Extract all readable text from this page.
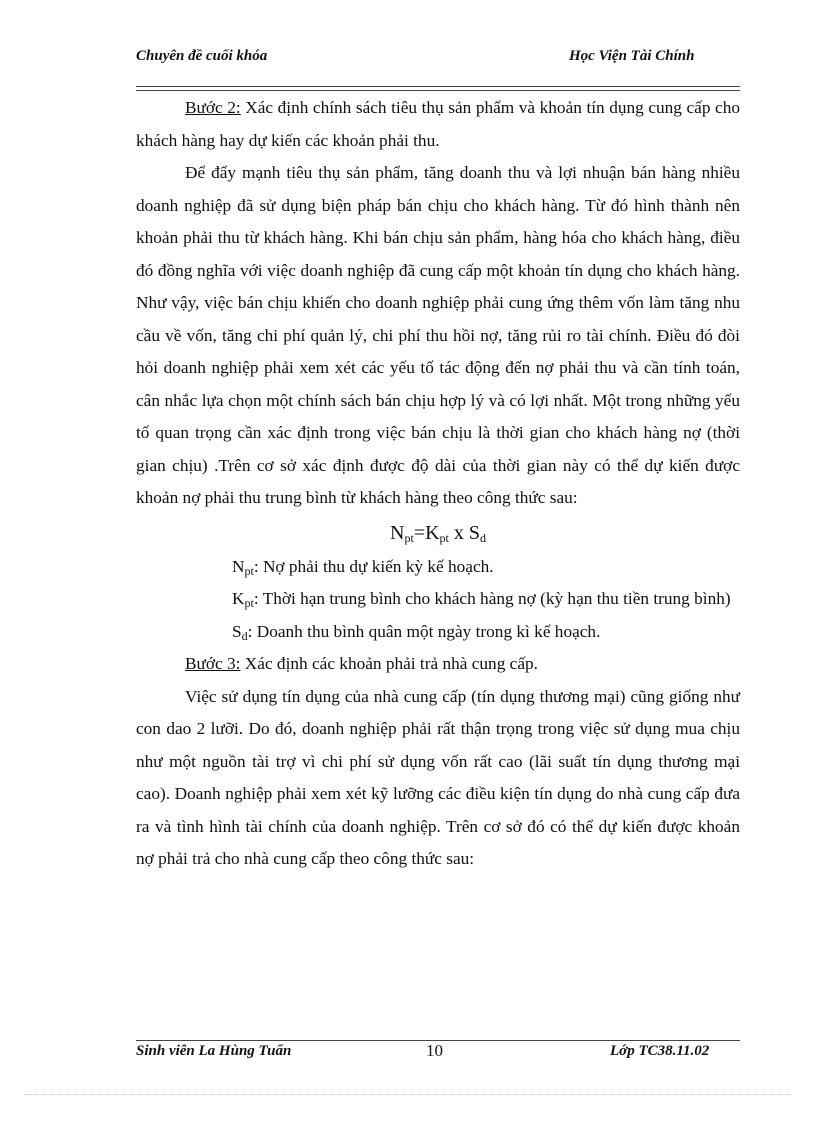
Chuyên đề cuối khóa	Học Viện Tài Chính

Bước 2: Xác định chính sách tiêu thụ sản phẩm và khoản tín dụng cung cấp cho khách hàng hay dự kiến các khoản phải thu.

Để đẩy mạnh tiêu thụ sản phẩm, tăng doanh thu và lợi nhuận bán hàng nhiều doanh nghiệp đã sử dụng biện pháp bán chịu cho khách hàng. Từ đó hình thành nên khoản phải thu từ khách hàng. Khi bán chịu sản phẩm, hàng hóa cho khách hàng, điều đó đồng nghĩa với việc doanh nghiệp đã cung cấp một khoản tín dụng cho khách hàng. Như vậy, việc bán chịu khiến cho doanh nghiệp phải cung ứng thêm vốn làm tăng nhu cầu về vốn, tăng chi phí quản lý, chi phí thu hồi nợ, tăng rủi ro tài chính. Điều đó đòi hỏi doanh nghiệp phải xem xét các yếu tố tác động đến nợ phải thu và cần tính toán, cân nhắc lựa chọn một chính sách bán chịu hợp lý và có lợi nhất. Một trong những yếu tố quan trọng cần xác định trong việc bán chịu là thời gian cho khách hàng nợ (thời gian chịu) .Trên cơ sở xác định được độ dài của thời gian này có thể dự kiến được khoản nợ phải thu trung bình từ khách hàng theo công thức sau:

$N_{pt}=K_{pt}$ x $S_d$

$N_{pt}$: Nợ phải thu dự kiến kỳ kế hoạch.

$K_{pt}$: Thời hạn trung bình cho khách hàng nợ (kỳ hạn thu tiền trung bình)

$S_d$: Doanh thu bình quân một ngày trong kì kế hoạch.

Bước 3: Xác định các khoản phải trả nhà cung cấp.

Việc sử dụng tín dụng của nhà cung cấp (tín dụng thương mại) cũng giống như con dao 2 lưỡi. Do đó, doanh nghiệp phải rất thận trọng trong việc sử dụng mua chịu như một nguồn tài trợ vì chi phí sử dụng vốn rất cao (lãi suất tín dụng thương mại cao). Doanh nghiệp phải xem xét kỹ lưỡng các điều kiện tín dụng do nhà cung cấp đưa ra và tình hình tài chính của doanh nghiệp. Trên cơ sở đó có thể dự kiến được khoản nợ phải trả cho nhà cung cấp theo công thức sau:

Sinh viên La Hùng Tuấn	10	Lớp TC38.11.02
